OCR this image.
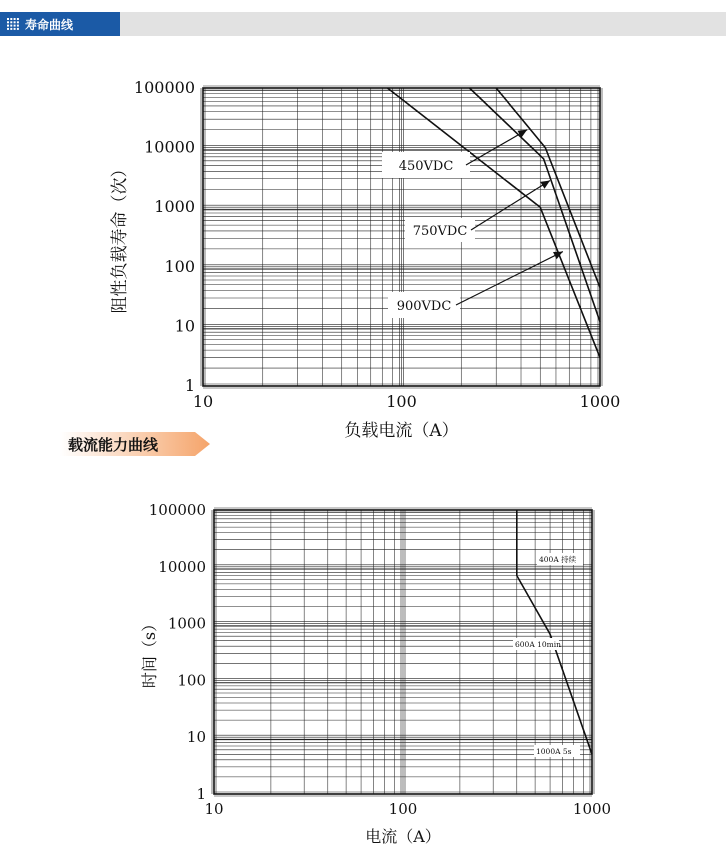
寿命曲线
10	100	1000
1
10
100
1000
10000
100000
负载电流（A）
阻性负载寿命（次）	450VDC
750VDC
900VDC
载流能力曲线
10	100	1000
1
10
100
1000
10000
100000
电流（A）
时间（s）
400A 持续
600A 10min
1000A 5s
